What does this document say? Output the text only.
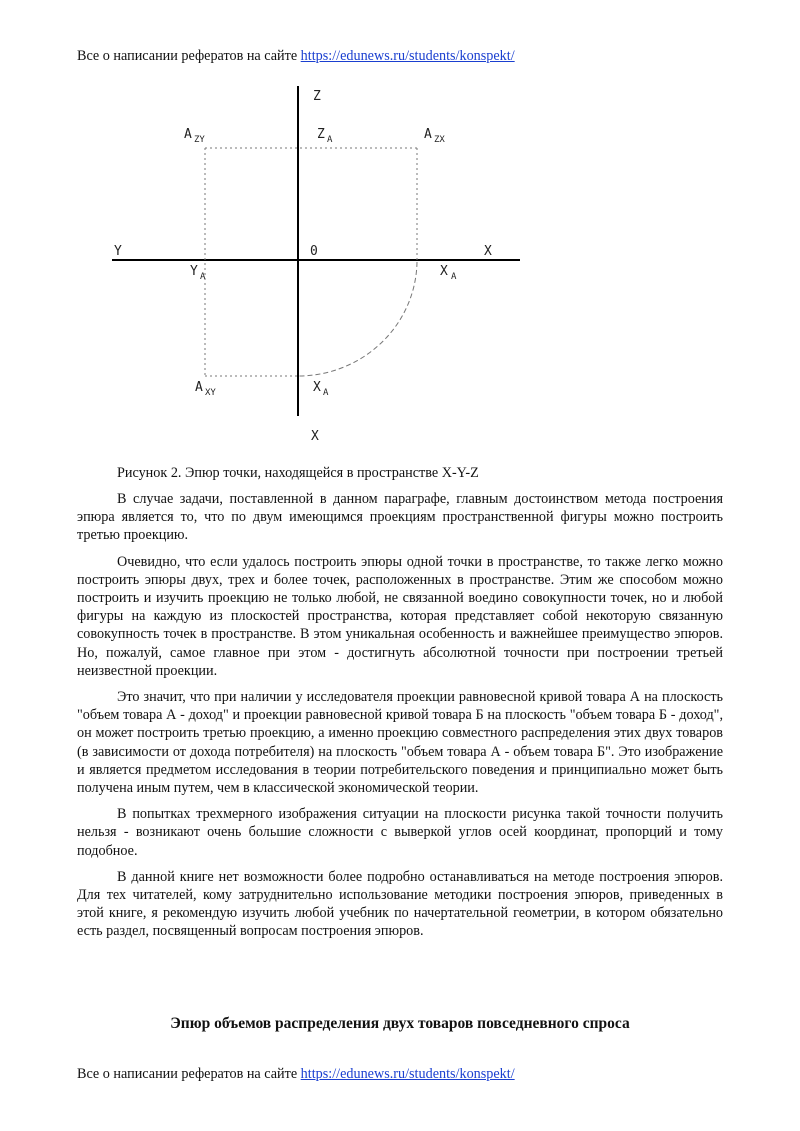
Все о написании рефератов на сайте https://edunews.ru/students/konspekt/
Z
Y	X
0
X
A ZY	Z A	A ZX
Y A	X A
A XY	X A
Рисунок 2. Эпюр точки, находящейся в пространстве X-Y-Z

В случае задачи, поставленной в данном параграфе, главным достоинством метода построения эпюра является то, что по двум имеющимся проекциям пространственной фигуры можно построить третью проекцию.

Очевидно, что если удалось построить эпюры одной точки в пространстве, то также легко можно построить эпюры двух, трех и более точек, расположенных в пространстве. Этим же способом можно построить и изучить проекцию не только любой, не связанной воедино совокупности точек, но и любой фигуры на каждую из плоскостей пространства, которая представляет собой некоторую связанную совокупность точек в пространстве. В этом уникальная особенность и важнейшее преимущество эпюров. Но, пожалуй, самое главное при этом - достигнуть абсолютной точности при построении третьей неизвестной проекции.

Это значит, что при наличии у исследователя проекции равновесной кривой товара А на плоскость "объем товара А - доход" и проекции равновесной кривой товара Б на плоскость "объем товара Б - доход", он может построить третью проекцию, а именно проекцию совместного распределения этих двух товаров (в зависимости от дохода потребителя) на плоскость "объем товара А - объем товара Б". Это изображение и является предметом исследования в теории потребительского поведения и принципиально может быть получена иным путем, чем в классической экономической теории.

В попытках трехмерного изображения ситуации на плоскости рисунка такой точности получить нельзя - возникают очень большие сложности с выверкой углов осей координат, пропорций и тому подобное.

В данной книге нет возможности более подробно останавливаться на методе построения эпюров. Для тех читателей, кому затруднительно использование методики построения эпюров, приведенных в этой книге, я рекомендую изучить любой учебник по начертательной геометрии, в котором обязательно есть раздел, посвященный вопросам построения эпюров.

Эпюр объемов распределения двух товаров повседневного спроса
Все о написании рефератов на сайте https://edunews.ru/students/konspekt/
